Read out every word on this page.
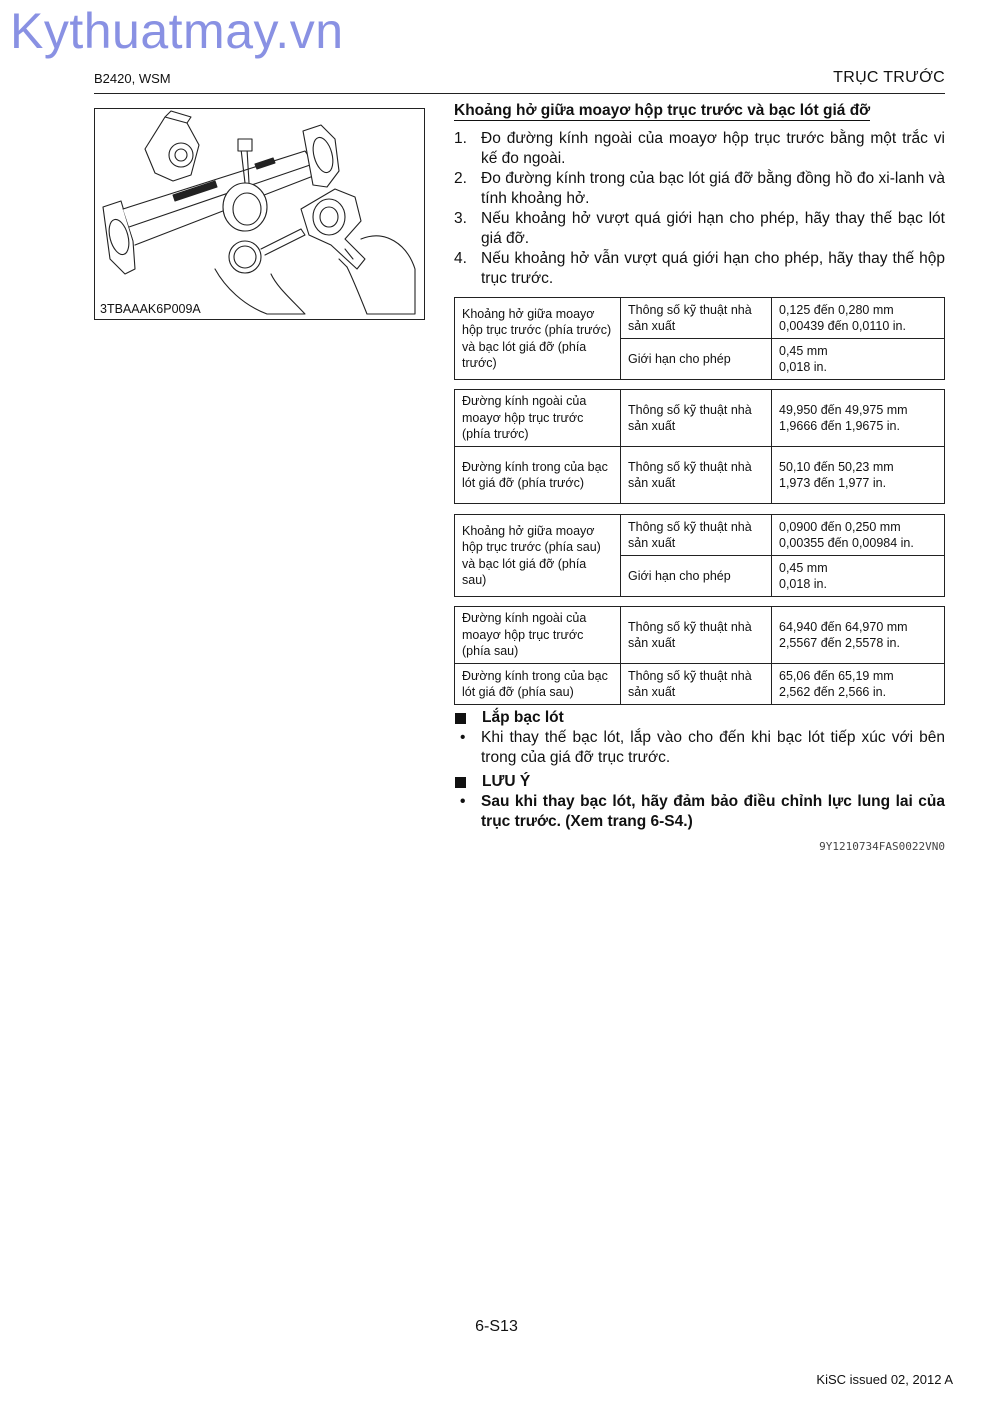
Kythuatmay.vn
B2420, WSM	TRỤC TRƯỚC
3TBAAAK6P009A
Khoảng hở giữa moayơ hộp trục trước và bạc lót giá đỡ
1. Đo đường kính ngoài của moayơ hộp trục trước bằng một trắc vi kế đo ngoài.
2. Đo đường kính trong của bạc lót giá đỡ bằng đồng hồ đo xi-lanh và tính khoảng hở.
3. Nếu khoảng hở vượt quá giới hạn cho phép, hãy thay thế bạc lót giá đỡ.
4. Nếu khoảng hở vẫn vượt quá giới hạn cho phép, hãy thay thế hộp trục trước.
Khoảng hở giữa moayơ hộp trục trước (phía trước) và bạc lót giá đỡ (phía trước)	Thông số kỹ thuật nhà sản xuất	0,125 đến 0,280 mm
0,00439 đến 0,0110 in.

	Giới hạn cho phép	0,45 mm
0,018 in.
Đường kính ngoài của moayơ hộp trục trước (phía trước)	Thông số kỹ thuật nhà sản xuất	49,950 đến 49,975 mm
1,9666 đến 1,9675 in.

Đường kính trong của bạc lót giá đỡ (phía trước)	Thông số kỹ thuật nhà sản xuất	50,10 đến 50,23 mm
1,973 đến 1,977 in.
Khoảng hở giữa moayơ hộp trục trước (phía sau) và bạc lót giá đỡ (phía sau)	Thông số kỹ thuật nhà sản xuất	0,0900 đến 0,250 mm
0,00355 đến 0,00984 in.

	Giới hạn cho phép	0,45 mm
0,018 in.
Đường kính ngoài của moayơ hộp trục trước (phía sau)	Thông số kỹ thuật nhà sản xuất	64,940 đến 64,970 mm
2,5567 đến 2,5578 in.

Đường kính trong của bạc lót giá đỡ (phía sau)	Thông số kỹ thuật nhà sản xuất	65,06 đến 65,19 mm
2,562 đến 2,566 in.
Lắp bạc lót
•	Khi thay thế bạc lót, lắp vào cho đến khi bạc lót tiếp xúc với bên trong của giá đỡ trục trước.
LƯU Ý
•	Sau khi thay bạc lót, hãy đảm bảo điều chỉnh lực lung lai của trục trước. (Xem trang 6-S4.)
9Y1210734FAS0022VN0
6-S13
KiSC issued 02, 2012 A
